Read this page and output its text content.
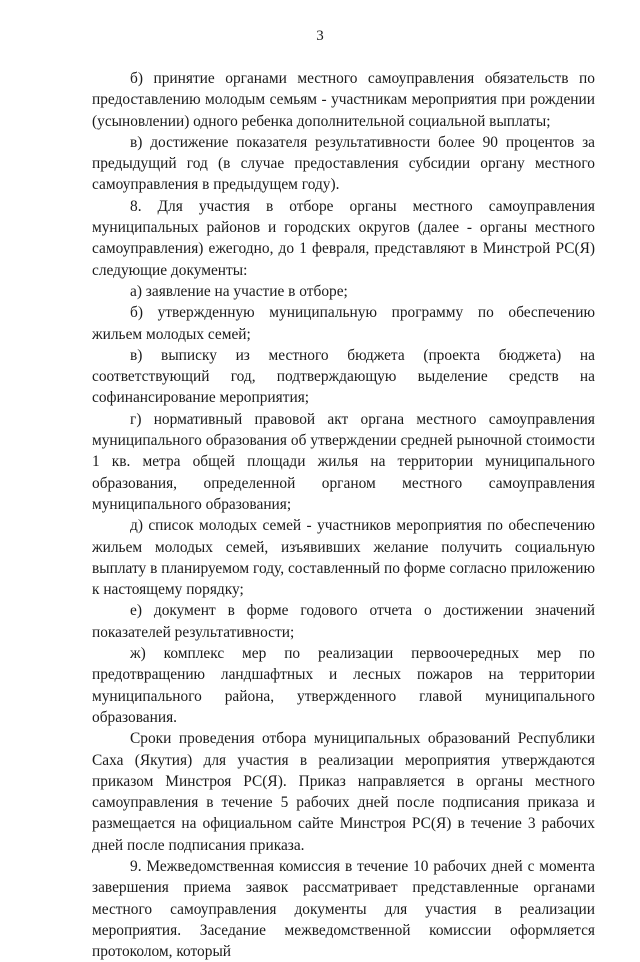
3

б) принятие органами местного самоуправления обязательств по предоставлению молодым семьям - участникам мероприятия при рождении (усыновлении) одного ребенка дополнительной социальной выплаты;

в) достижение показателя результативности более 90 процентов за предыдущий год (в случае предоставления субсидии органу местного самоуправления в предыдущем году).

8. Для участия в отборе органы местного самоуправления муниципальных районов и городских округов (далее - органы местного самоуправления) ежегодно, до 1 февраля, представляют в Минстрой РС(Я) следующие документы:

а) заявление на участие в отборе;

б) утвержденную муниципальную программу по обеспечению жильем молодых семей;

в) выписку из местного бюджета (проекта бюджета) на соответствующий год, подтверждающую выделение средств на софинансирование мероприятия;

г) нормативный правовой акт органа местного самоуправления муниципального образования об утверждении средней рыночной стоимости 1 кв. метра общей площади жилья на территории муниципального образования, определенной органом местного самоуправления муниципального образования;

д) список молодых семей - участников мероприятия по обеспечению жильем молодых семей, изъявивших желание получить социальную выплату в планируемом году, составленный по форме согласно приложению к настоящему порядку;

е) документ в форме годового отчета о достижении значений показателей результативности;

ж) комплекс мер по реализации первоочередных мер по предотвращению ландшафтных и лесных пожаров на территории муниципального района, утвержденного главой муниципального образования.

Сроки проведения отбора муниципальных образований Республики Саха (Якутия) для участия в реализации мероприятия утверждаются приказом Минстроя РС(Я). Приказ направляется в органы местного самоуправления в течение 5 рабочих дней после подписания приказа и размещается на официальном сайте Минстроя РС(Я) в течение 3 рабочих дней после подписания приказа.

9. Межведомственная комиссия в течение 10 рабочих дней с момента завершения приема заявок рассматривает представленные органами местного самоуправления документы для участия в реализации мероприятия. Заседание межведомственной комиссии оформляется протоколом, который
